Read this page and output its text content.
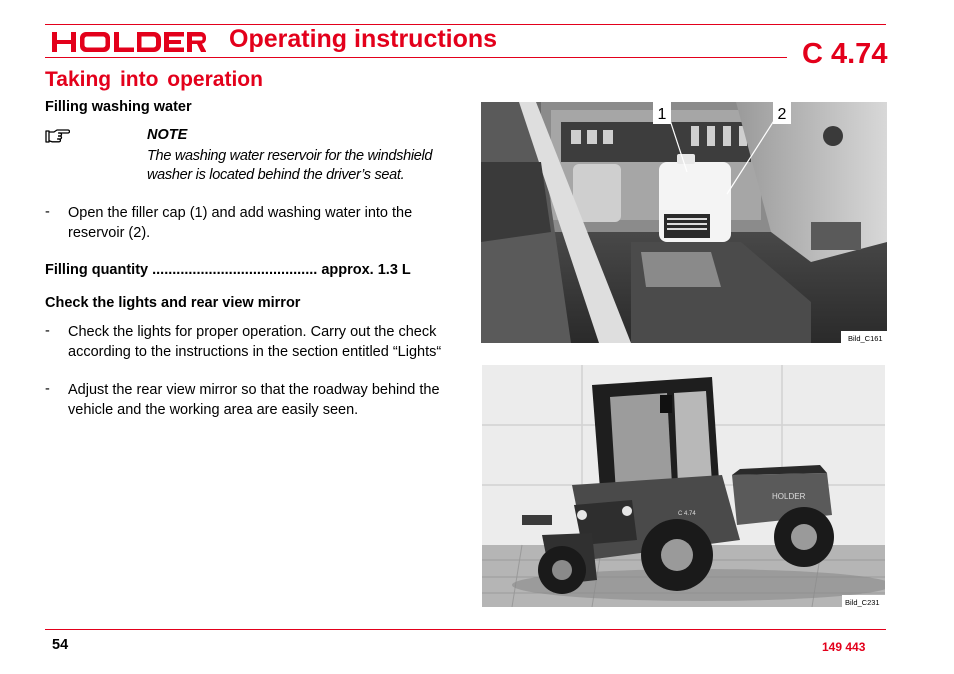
Operating instructions	C 4.74
Taking into operation
Filling washing water
NOTE
The washing water reservoir for the windshield
washer is located behind the driver’s seat.
- Open the filler cap (1) and add washing water into the reservoir (2).
Filling quantity ......................................... approx. 1.3 L
Check the lights and rear view mirror
- Check the lights for proper operation. Carry out the check according to the instructions in the section entitled “Lights“
- Adjust the rear view mirror so that the roadway behind the vehicle and the working area are easily seen.
1	2
Bild_C161
HOLDER
C 4.74
Bild_C231
54	149 443
